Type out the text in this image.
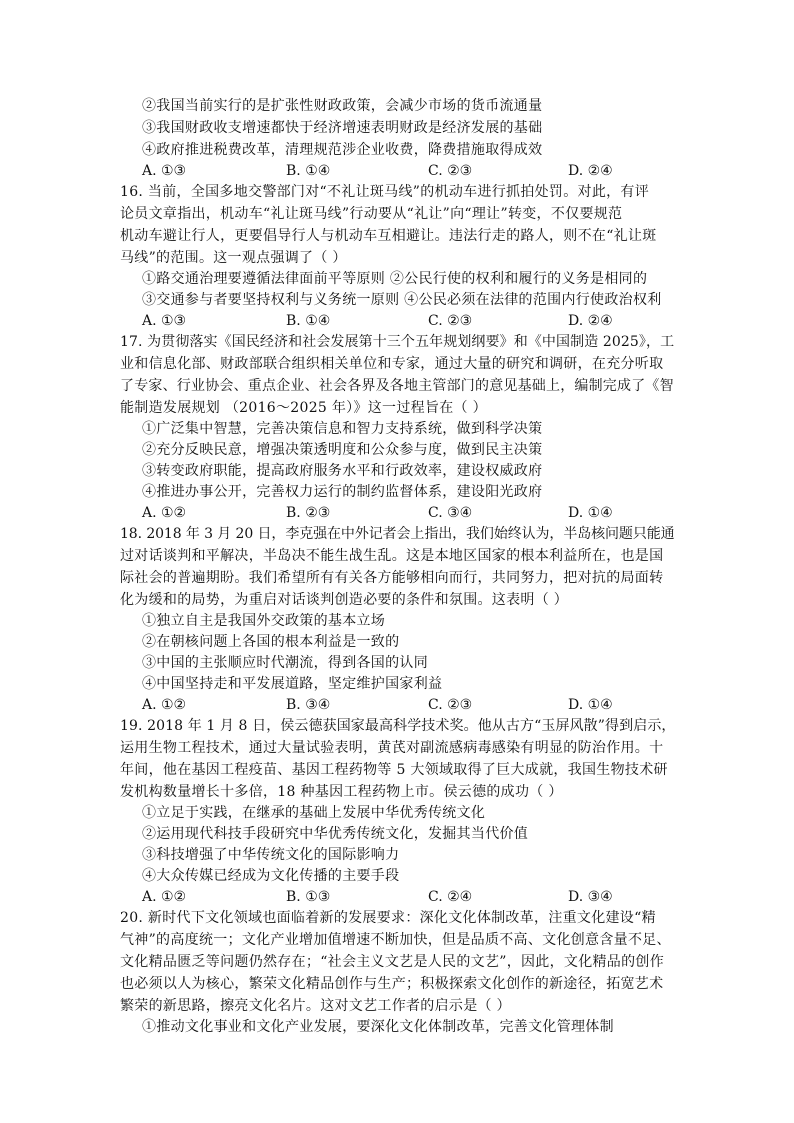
②我国当前实行的是扩张性财政政策，会减少市场的货币流通量
③我国财政收支增速都快于经济增速表明财政是经济发展的基础
④政府推进税费改革，清理规范涉企业收费，降费措施取得成效
A. ①③	B. ①④	C. ②③	D. ②④
16. 当前，全国多地交警部门对“不礼让斑马线”的机动车进行抓拍处罚。对此，有评
论员文章指出，机动车“礼让斑马线”行动要从“礼让”向“理让”转变，不仅要规范
机动车避让行人，更要倡导行人与机动车互相避让。违法行走的路人，则不在“礼让斑
马线”的范围。这一观点强调了（ ）
①路交通治理要遵循法律面前平等原则 ②公民行使的权利和履行的义务是相同的
③交通参与者要坚持权利与义务统一原则 ④公民必须在法律的范围内行使政治权利
A. ①③	B. ①④	C. ②③	D. ②④
17. 为贯彻落实《国民经济和社会发展第十三个五年规划纲要》和《中国制造 2025》，工
业和信息化部、财政部联合组织相关单位和专家，通过大量的研究和调研，在充分听取
了专家、行业协会、重点企业、社会各界及各地主管部门的意见基础上，编制完成了《智
能制造发展规划 （2016～2025 年）》这一过程旨在（ ）
①广泛集中智慧，完善决策信息和智力支持系统，做到科学决策
②充分反映民意，增强决策透明度和公众参与度，做到民主决策
③转变政府职能，提高政府服务水平和行政效率，建设权威政府
④推进办事公开，完善权力运行的制约监督体系，建设阳光政府
A. ①②	B. ②③	C. ③④	D. ①④
18. 2018 年 3 月 20 日，李克强在中外记者会上指出，我们始终认为，半岛核问题只能通
过对话谈判和平解决，半岛决不能生战生乱。这是本地区国家的根本利益所在，也是国
际社会的普遍期盼。我们希望所有有关各方能够相向而行，共同努力，把对抗的局面转
化为缓和的局势，为重启对话谈判创造必要的条件和氛围。这表明（ ）
①独立自主是我国外交政策的基本立场
②在朝核问题上各国的根本利益是一致的
③中国的主张顺应时代潮流，得到各国的认同
④中国坚持走和平发展道路，坚定维护国家利益
A. ①②	B. ③④	C. ②③	D. ①④
19. 2018 年 1 月 8 日，侯云德获国家最高科学技术奖。他从古方“玉屏风散”得到启示，
运用生物工程技术，通过大量试验表明，黄芪对副流感病毒感染有明显的防治作用。十
年间，他在基因工程疫苗、基因工程药物等 5 大领域取得了巨大成就，我国生物技术研
发机构数量增长十多倍，18 种基因工程药物上市。侯云德的成功（ ）
①立足于实践，在继承的基础上发展中华优秀传统文化
②运用现代科技手段研究中华优秀传统文化，发掘其当代价值
③科技增强了中华传统文化的国际影响力
④大众传媒已经成为文化传播的主要手段
A. ①②	B. ①③	C. ②④	D. ③④
20. 新时代下文化领域也面临着新的发展要求：深化文化体制改革，注重文化建设“精
气神”的高度统一；文化产业增加值增速不断加快，但是品质不高、文化创意含量不足、
文化精品匮乏等问题仍然存在；“社会主义文艺是人民的文艺”，因此，文化精品的创作
也必须以人为核心，繁荣文化精品创作与生产；积极探索文化创作的新途径，拓宽艺术
繁荣的新思路，擦亮文化名片。这对文艺工作者的启示是（ ）
①推动文化事业和文化产业发展，要深化文化体制改革，完善文化管理体制
